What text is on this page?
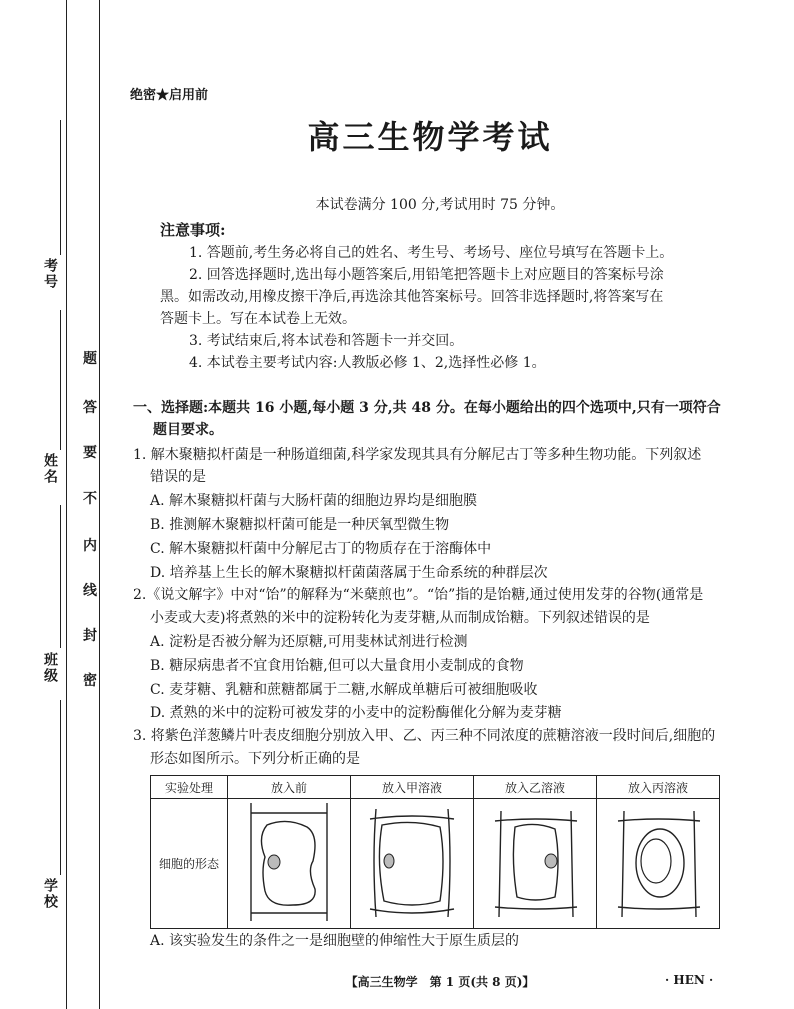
考号
姓名
班级
学校
题
答
要
不
内
线
封
密
绝密★启用前
高三生物学考试
本试卷满分 100 分,考试用时 75 分钟。
注意事项:
1. 答题前,考生务必将自己的姓名、考生号、考场号、座位号填写在答题卡上。
2. 回答选择题时,选出每小题答案后,用铅笔把答题卡上对应题目的答案标号涂
黑。如需改动,用橡皮擦干净后,再选涂其他答案标号。回答非选择题时,将答案写在
答题卡上。写在本试卷上无效。
3. 考试结束后,将本试卷和答题卡一并交回。
4. 本试卷主要考试内容:人教版必修 1、2,选择性必修 1。
一、选择题:本题共 16 小题,每小题 3 分,共 48 分。在每小题给出的四个选项中,只有一项符合
题目要求。
1. 解木聚糖拟杆菌是一种肠道细菌,科学家发现其具有分解尼古丁等多种生物功能。下列叙述
错误的是
A. 解木聚糖拟杆菌与大肠杆菌的细胞边界均是细胞膜
B. 推测解木聚糖拟杆菌可能是一种厌氧型微生物
C. 解木聚糖拟杆菌中分解尼古丁的物质存在于溶酶体中
D. 培养基上生长的解木聚糖拟杆菌菌落属于生命系统的种群层次
2.《说文解字》中对“饴”的解释为“米蘖煎也”。“饴”指的是饴糖,通过使用发芽的谷物(通常是
小麦或大麦)将煮熟的米中的淀粉转化为麦芽糖,从而制成饴糖。下列叙述错误的是
A. 淀粉是否被分解为还原糖,可用斐林试剂进行检测
B. 糖尿病患者不宜食用饴糖,但可以大量食用小麦制成的食物
C. 麦芽糖、乳糖和蔗糖都属于二糖,水解成单糖后可被细胞吸收
D. 煮熟的米中的淀粉可被发芽的小麦中的淀粉酶催化分解为麦芽糖
3. 将紫色洋葱鳞片叶表皮细胞分别放入甲、乙、丙三种不同浓度的蔗糖溶液一段时间后,细胞的
形态如图所示。下列分析正确的是
实验处理	放入前	放入甲溶液	放入乙溶液	放入丙溶液
细胞的形态				
A. 该实验发生的条件之一是细胞壁的伸缩性大于原生质层的
【高三生物学　第 1 页(共 8 页)】	· HEN ·
